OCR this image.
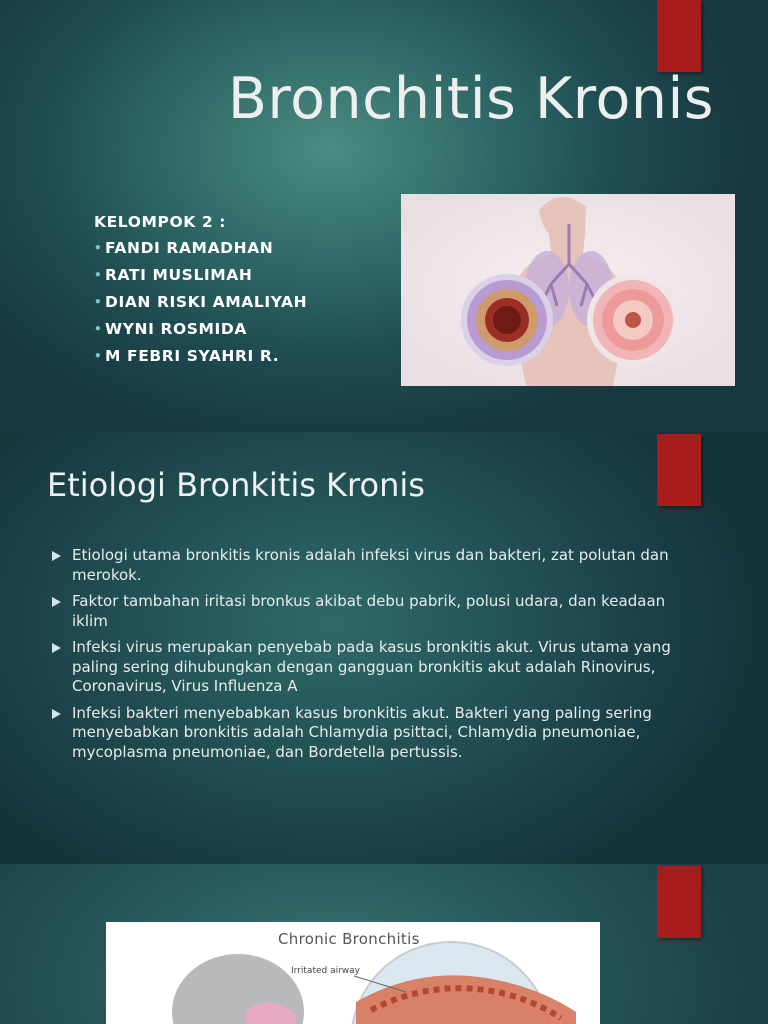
Bronchitis Kronis
KELOMPOK 2 :
• FANDI RAMADHAN
• RATI MUSLIMAH
• DIAN RISKI AMALIYAH
• WYNI ROSMIDA
• M FEBRI SYAHRI R.
Etiologi Bronkitis Kronis
Etiologi utama bronkitis kronis adalah infeksi virus dan bakteri, zat polutan dan merokok.
Faktor tambahan iritasi bronkus akibat debu pabrik, polusi udara, dan keadaan iklim
Infeksi virus merupakan penyebab pada kasus bronkitis akut. Virus utama yang paling sering dihubungkan dengan gangguan bronkitis akut adalah Rinovirus, Coronavirus, Virus Influenza A
Infeksi bakteri menyebabkan kasus bronkitis akut. Bakteri yang paling sering menyebabkan bronkitis adalah Chlamydia psittaci, Chlamydia pneumoniae, mycoplasma pneumoniae, dan Bordetella pertussis.
Chronic Bronchitis
Irritated airway
